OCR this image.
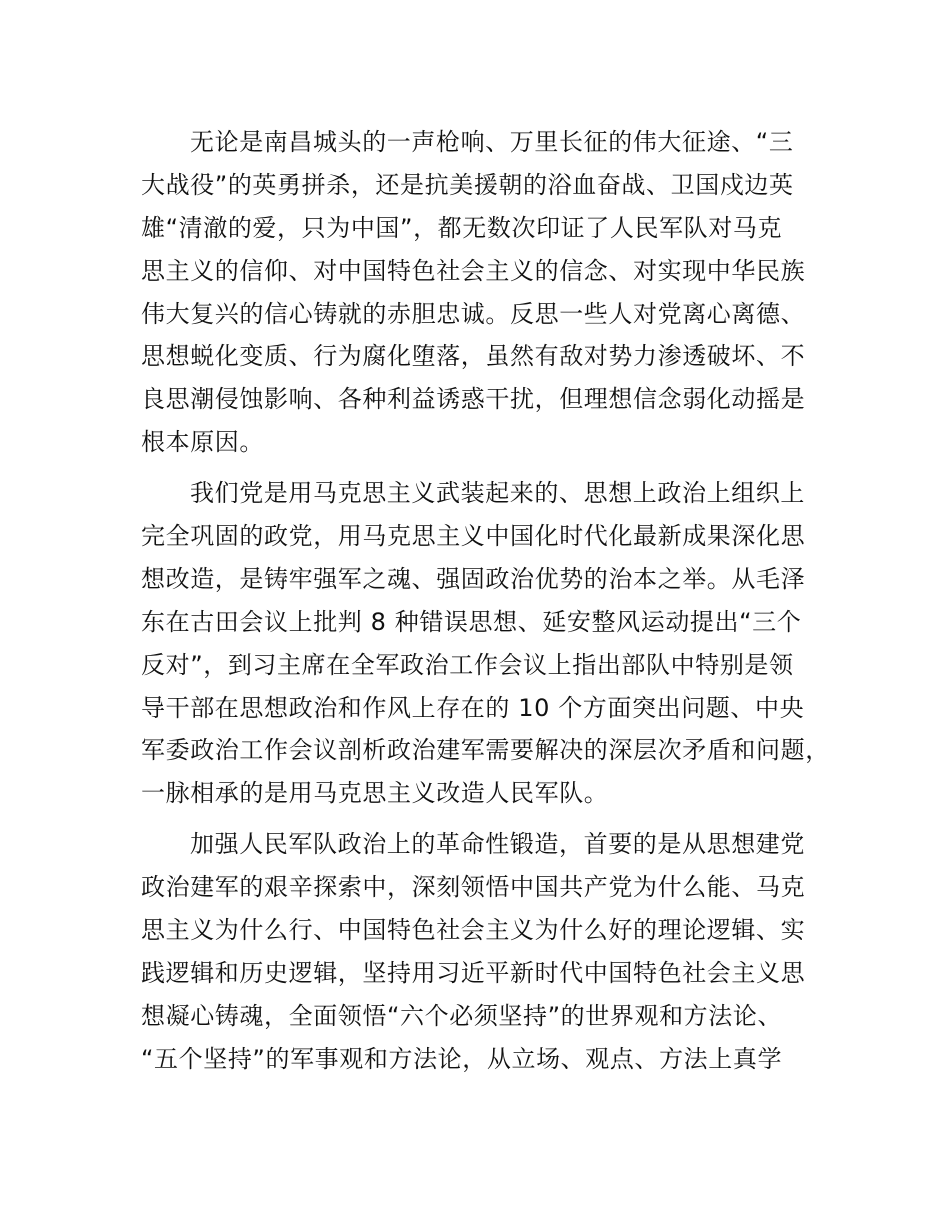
无论是南昌城头的一声枪响、万里长征的伟大征途、“三
大战役”的英勇拼杀，还是抗美援朝的浴血奋战、卫国戍边英
雄“清澈的爱，只为中国”，都无数次印证了人民军队对马克
思主义的信仰、对中国特色社会主义的信念、对实现中华民族
伟大复兴的信心铸就的赤胆忠诚。反思一些人对党离心离德、
思想蜕化变质、行为腐化堕落，虽然有敌对势力渗透破坏、不
良思潮侵蚀影响、各种利益诱惑干扰，但理想信念弱化动摇是
根本原因。
我们党是用马克思主义武装起来的、思想上政治上组织上
完全巩固的政党，用马克思主义中国化时代化最新成果深化思
想改造，是铸牢强军之魂、强固政治优势的治本之举。从毛泽
东在古田会议上批判 8 种错误思想、延安整风运动提出“三个
反对”，到习主席在全军政治工作会议上指出部队中特别是领
导干部在思想政治和作风上存在的 10 个方面突出问题、中央
军委政治工作会议剖析政治建军需要解决的深层次矛盾和问题，
一脉相承的是用马克思主义改造人民军队。
加强人民军队政治上的革命性锻造，首要的是从思想建党
政治建军的艰辛探索中，深刻领悟中国共产党为什么能、马克
思主义为什么行、中国特色社会主义为什么好的理论逻辑、实
践逻辑和历史逻辑，坚持用习近平新时代中国特色社会主义思
想凝心铸魂，全面领悟“六个必须坚持”的世界观和方法论、
“五个坚持”的军事观和方法论，从立场、观点、方法上真学
